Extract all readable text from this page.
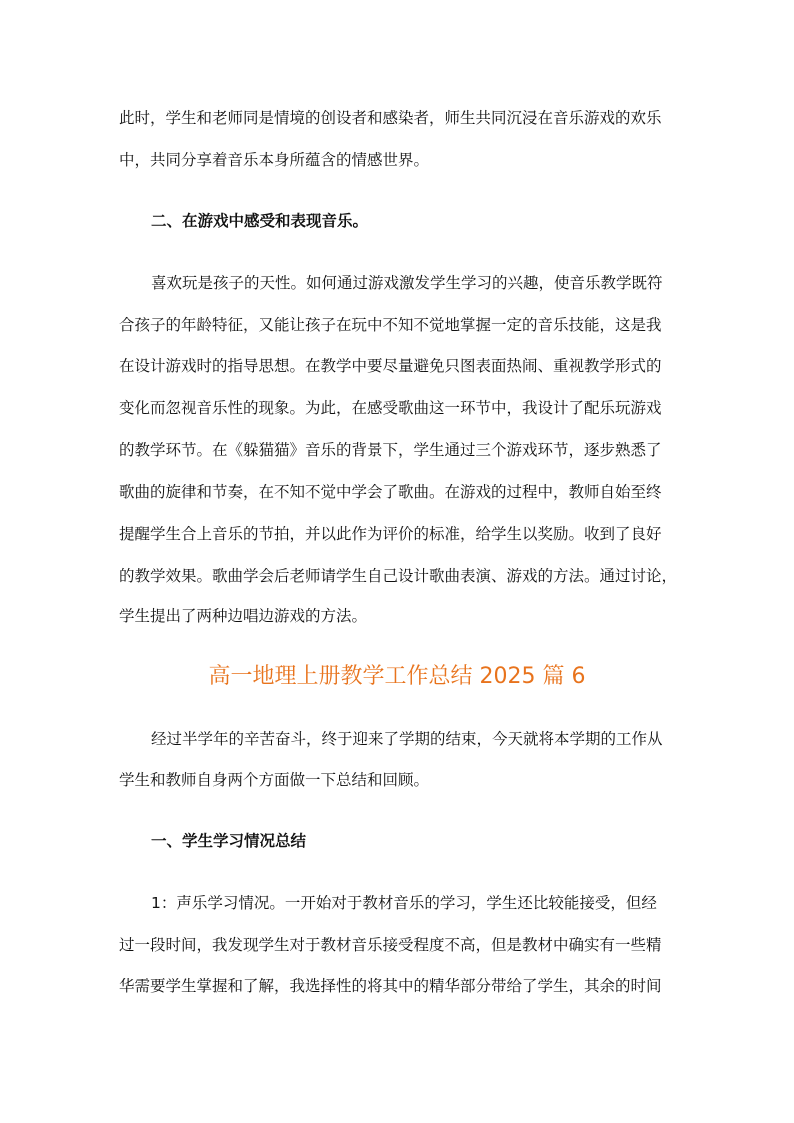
此时，学生和老师同是情境的创设者和感染者，师生共同沉浸在音乐游戏的欢乐

中，共同分享着音乐本身所蕴含的情感世界。

二、在游戏中感受和表现音乐。

喜欢玩是孩子的天性。如何通过游戏激发学生学习的兴趣，使音乐教学既符

合孩子的年龄特征，又能让孩子在玩中不知不觉地掌握一定的音乐技能，这是我

在设计游戏时的指导思想。在教学中要尽量避免只图表面热闹、重视教学形式的

变化而忽视音乐性的现象。为此，在感受歌曲这一环节中，我设计了配乐玩游戏

的教学环节。在《躲猫猫》音乐的背景下，学生通过三个游戏环节，逐步熟悉了

歌曲的旋律和节奏，在不知不觉中学会了歌曲。在游戏的过程中，教师自始至终

提醒学生合上音乐的节拍，并以此作为评价的标准，给学生以奖励。收到了良好

的教学效果。歌曲学会后老师请学生自己设计歌曲表演、游戏的方法。通过讨论，

学生提出了两种边唱边游戏的方法。

高一地理上册教学工作总结 2025 篇 6

经过半学年的辛苦奋斗，终于迎来了学期的结束，今天就将本学期的工作从

学生和教师自身两个方面做一下总结和回顾。

一、学生学习情况总结

1：声乐学习情况。一开始对于教材音乐的学习，学生还比较能接受，但经

过一段时间，我发现学生对于教材音乐接受程度不高，但是教材中确实有一些精

华需要学生掌握和了解，我选择性的将其中的精华部分带给了学生，其余的时间
